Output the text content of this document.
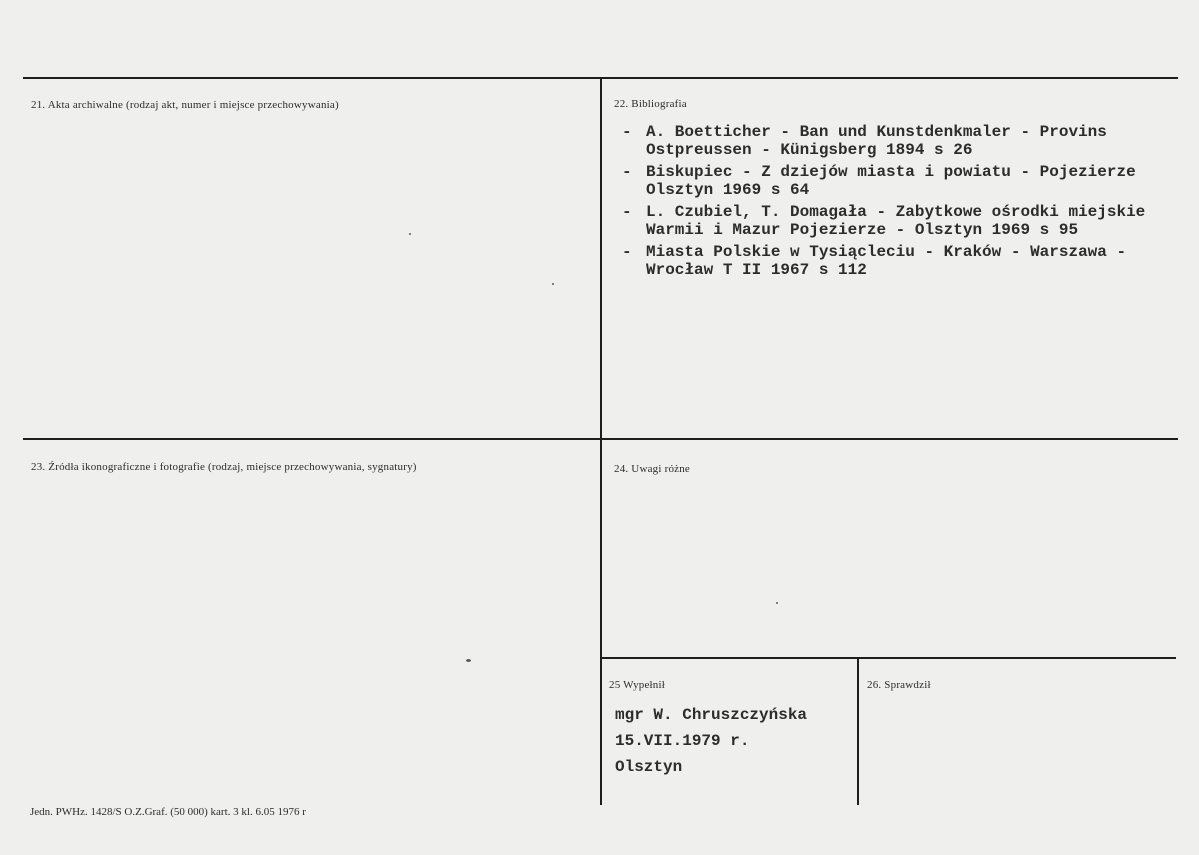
21. Akta archiwalne (rodzaj akt, numer i miejsce przechowywania)	22. Bibliografia
- A. Boetticher - Ban und Kunstdenkmaler - Provins
Ostpreussen - Künigsberg 1894 s 26
- Biskupiec - Z dziejów miasta i powiatu - Pojezierze
Olsztyn 1969 s 64
- L. Czubiel, T. Domagała - Zabytkowe ośrodki miejskie
Warmii i Mazur Pojezierze - Olsztyn 1969 s 95
- Miasta Polskie w Tysiącleciu - Kraków - Warszawa -
Wrocław T II 1967 s 112
23. Źródła ikonograficzne i fotografie (rodzaj, miejsce przechowywania, sygnatury)	24. Uwagi różne
25 Wypełnił
mgr W. Chruszczyńska
15.VII.1979 r.
Olsztyn
26. Sprawdził
Jedn. PWHz. 1428/S O.Z.Graf. (50 000) kart. 3 kl. 6.05 1976 r
